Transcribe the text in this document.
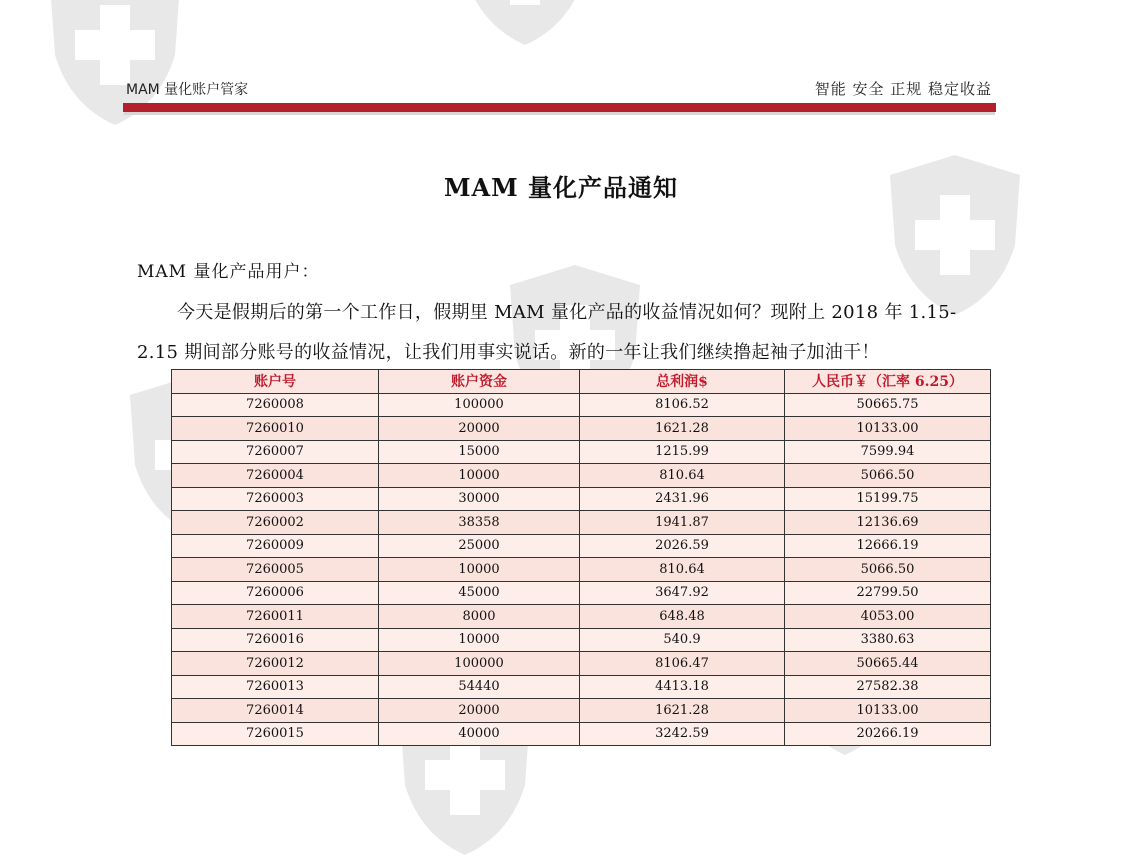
MAM 量化账户管家	智能 安全 正规 稳定收益
MAM 量化产品通知
MAM 量化产品用户：
今天是假期后的第一个工作日，假期里 MAM 量化产品的收益情况如何？现附上 2018 年 1.15-2.15 期间部分账号的收益情况，让我们用事实说话。新的一年让我们继续撸起袖子加油干！
账户号	账户资金	总利润$	人民币￥（汇率 6.25）
7260008	100000	8106.52	50665.75
7260010	20000	1621.28	10133.00
7260007	15000	1215.99	7599.94
7260004	10000	810.64	5066.50
7260003	30000	2431.96	15199.75
7260002	38358	1941.87	12136.69
7260009	25000	2026.59	12666.19
7260005	10000	810.64	5066.50
7260006	45000	3647.92	22799.50
7260011	8000	648.48	4053.00
7260016	10000	540.9	3380.63
7260012	100000	8106.47	50665.44
7260013	54440	4413.18	27582.38
7260014	20000	1621.28	10133.00
7260015	40000	3242.59	20266.19
